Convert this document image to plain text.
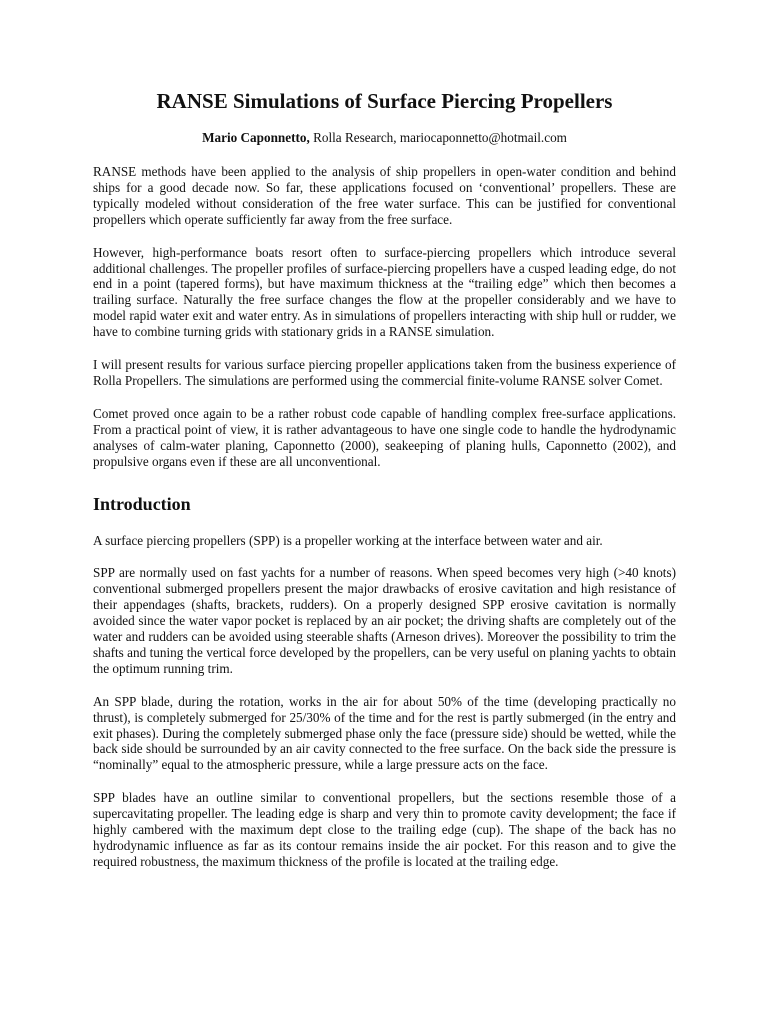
RANSE Simulations of Surface Piercing Propellers

Mario Caponnetto, Rolla Research, mariocaponnetto@hotmail.com

RANSE methods have been applied to the analysis of ship propellers in open-water condition and behind ships for a good decade now. So far, these applications focused on ‘conventional’ propellers. These are typically modeled without consideration of the free water surface. This can be justified for conventional propellers which operate sufficiently far away from the free surface.

However, high-performance boats resort often to surface-piercing propellers which introduce several additional challenges. The propeller profiles of surface-piercing propellers have a cusped leading edge, do not end in a point (tapered forms), but have maximum thickness at the “trailing edge” which then becomes a trailing surface. Naturally the free surface changes the flow at the propeller considerably and we have to model rapid water exit and water entry. As in simulations of propellers interacting with ship hull or rudder, we have to combine turning grids with stationary grids in a RANSE simulation.

I will present results for various surface piercing propeller applications taken from the business experience of Rolla Propellers. The simulations are performed using the commercial finite-volume RANSE solver Comet.

Comet proved once again to be a rather robust code capable of handling complex free-surface applications. From a practical point of view, it is rather advantageous to have one single code to handle the hydrodynamic analyses of calm-water planing, Caponnetto (2000), seakeeping of planing hulls, Caponnetto (2002), and propulsive organs even if these are all unconventional.

Introduction

A surface piercing propellers (SPP) is a propeller working at the interface between water and air.

SPP are normally used on fast yachts for a number of reasons. When speed becomes very high (>40 knots) conventional submerged propellers present the major drawbacks of erosive cavitation and high resistance of their appendages (shafts, brackets, rudders). On a properly designed SPP erosive cavitation is normally avoided since the water vapor pocket is replaced by an air pocket; the driving shafts are completely out of the water and rudders can be avoided using steerable shafts (Arneson drives). Moreover the possibility to trim the shafts and tuning the vertical force developed by the propellers, can be very useful on planing yachts to obtain the optimum running trim.

An SPP blade, during the rotation, works in the air for about 50% of the time (developing practically no thrust), is completely submerged for 25/30% of the time and for the rest is partly submerged (in the entry and exit phases). During the completely submerged phase only the face (pressure side) should be wetted, while the back side should be surrounded by an air cavity connected to the free surface. On the back side the pressure is “nominally” equal to the atmospheric pressure, while a large pressure acts on the face.

SPP blades have an outline similar to conventional propellers, but the sections resemble those of a supercavitating propeller. The leading edge is sharp and very thin to promote cavity development; the face if highly cambered with the maximum dept close to the trailing edge (cup). The shape of the back has no hydrodynamic influence as far as its contour remains inside the air pocket. For this reason and to give the required robustness, the maximum thickness of the profile is located at the trailing edge.
